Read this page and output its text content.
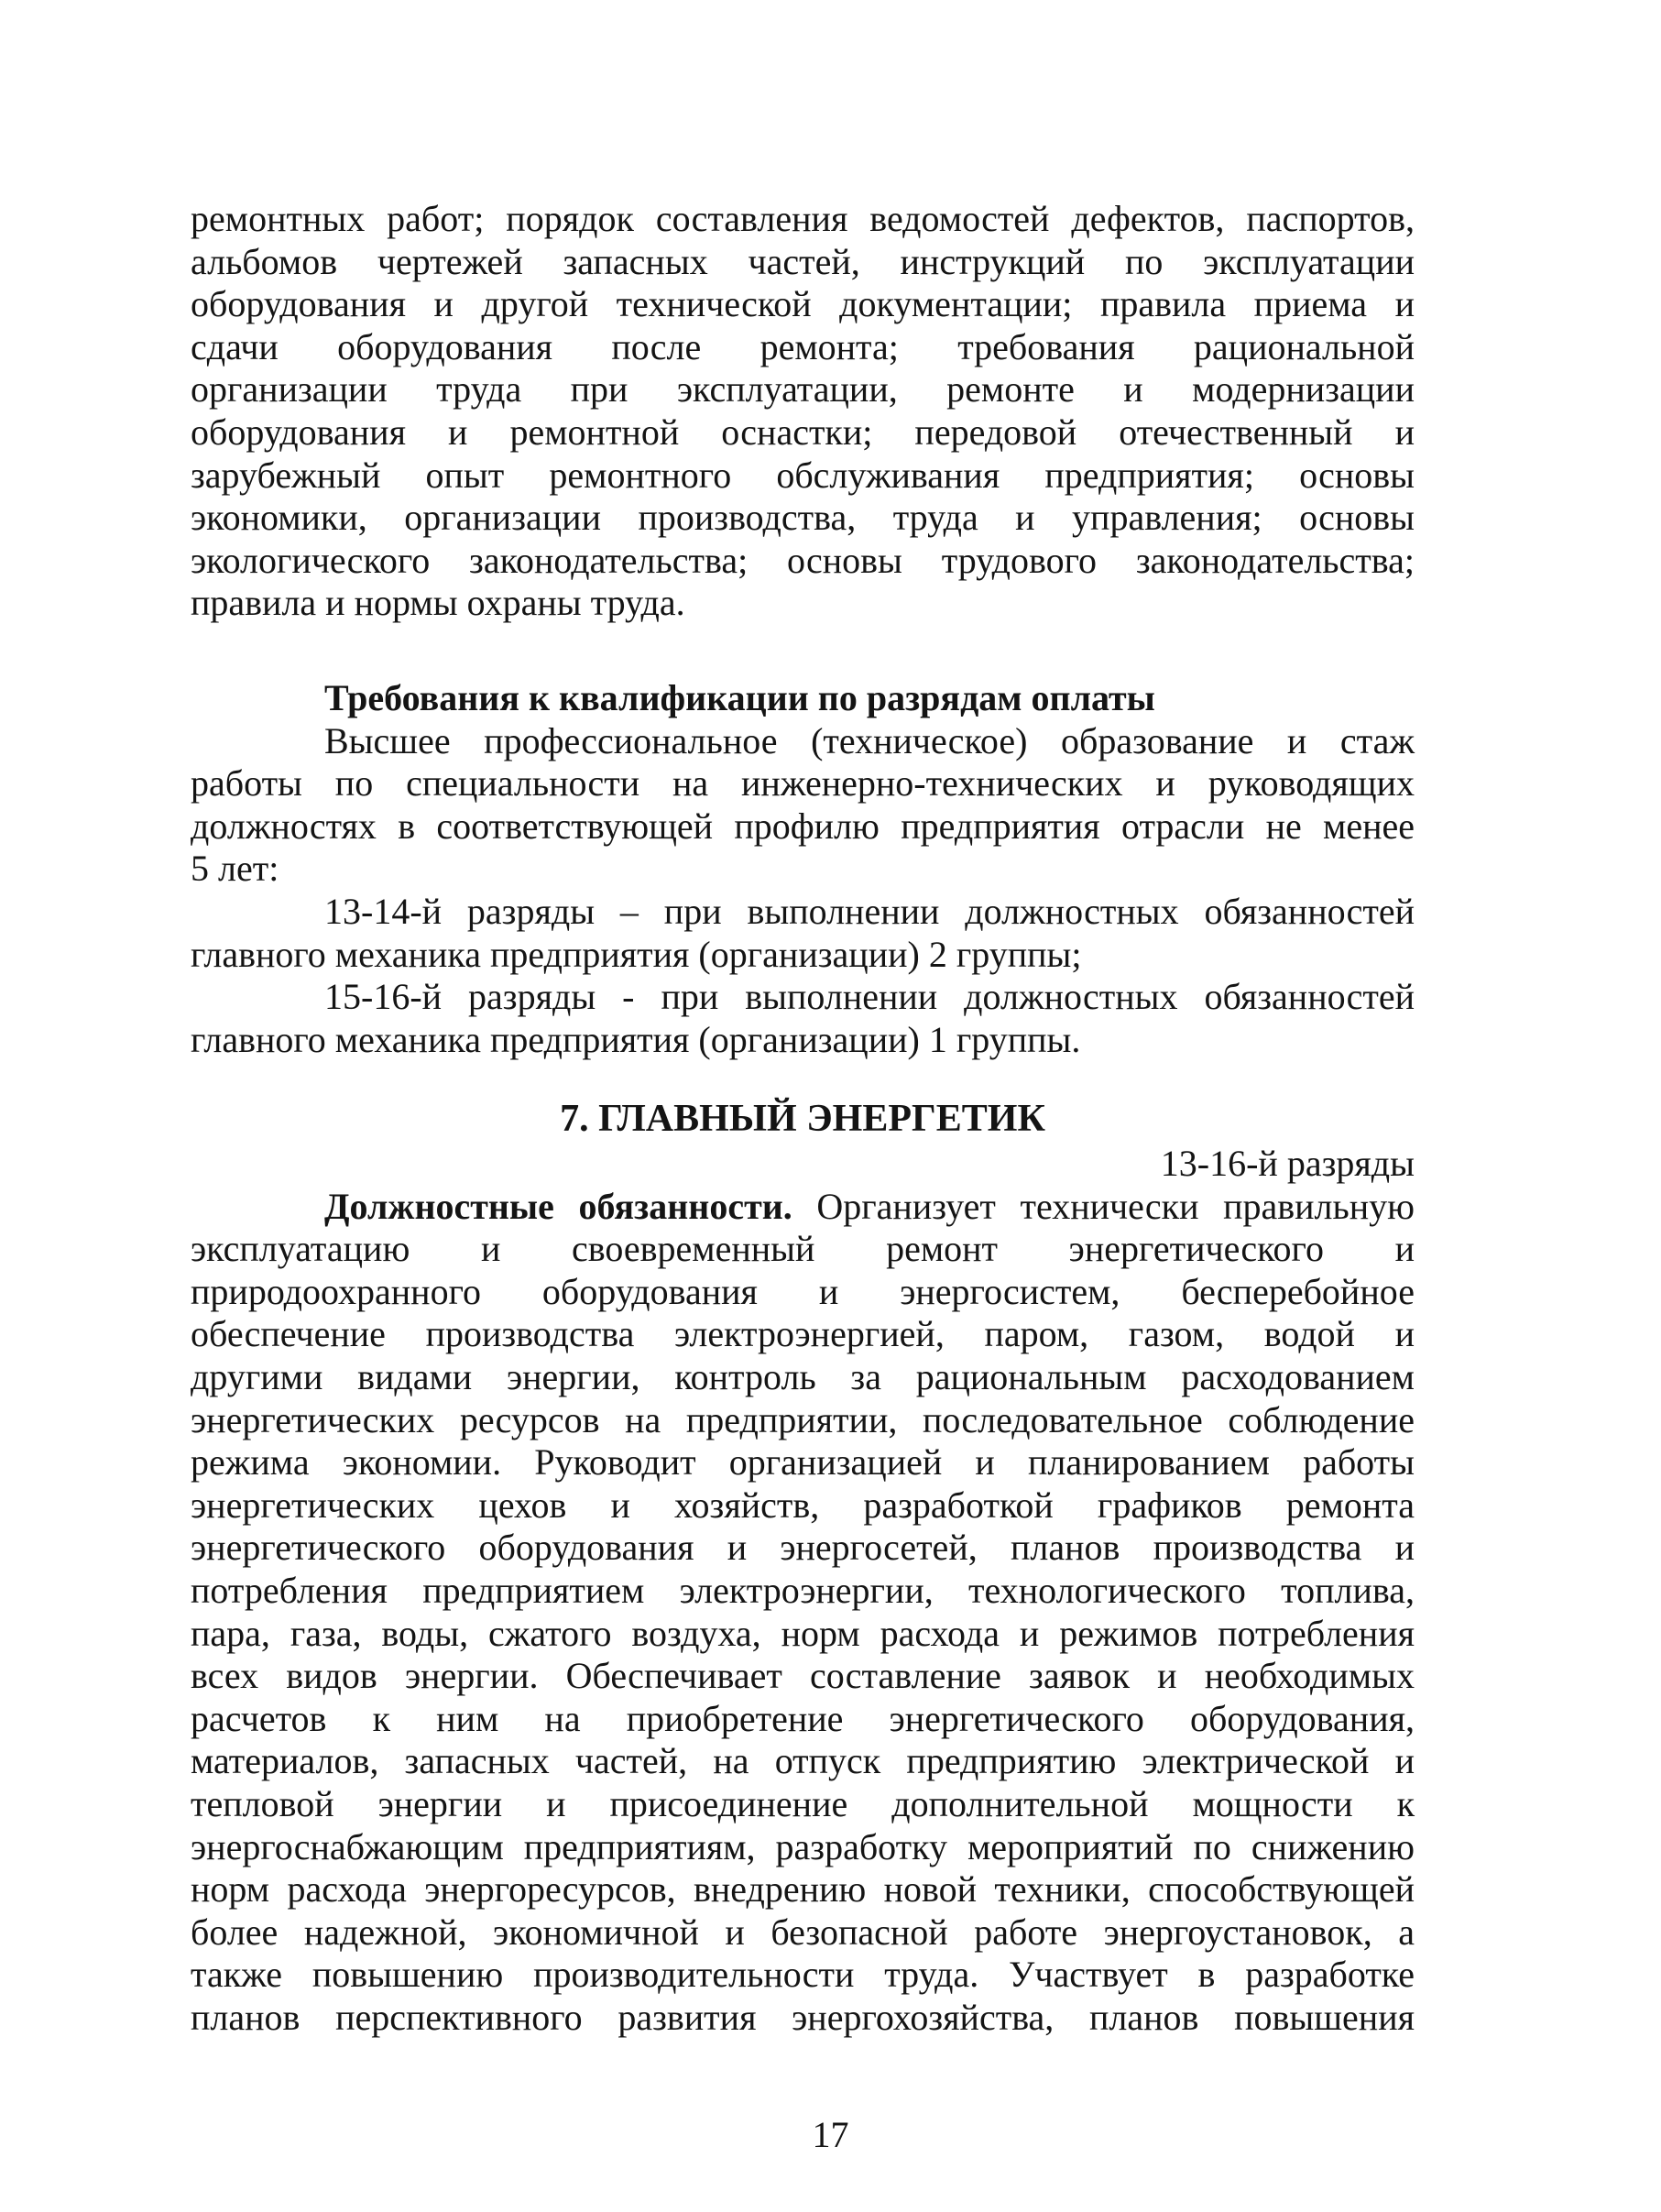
ремонтных работ; порядок составления ведомостей дефектов, паспортов,
альбомов чертежей запасных частей, инструкций по эксплуатации
оборудования и другой технической документации; правила приема и
сдачи оборудования после ремонта; требования рациональной
организации труда при эксплуатации, ремонте и модернизации
оборудования и ремонтной оснастки; передовой отечественный и
зарубежный опыт ремонтного обслуживания предприятия; основы
экономики, организации производства, труда и управления; основы
экологического законодательства; основы трудового законодательства;
правила и нормы охраны труда.
Требования к квалификации по разрядам оплаты
Высшее профессиональное (техническое) образование и стаж
работы по специальности на инженерно-технических и руководящих
должностях в соответствующей профилю предприятия отрасли не менее
5 лет:
13-14-й разряды – при выполнении должностных обязанностей
главного механика предприятия (организации) 2 группы;
15-16-й разряды - при выполнении должностных обязанностей
главного механика предприятия (организации) 1 группы.
7. ГЛАВНЫЙ ЭНЕРГЕТИК
13-16-й разряды
Должностные обязанности. Организует технически правильную
эксплуатацию и своевременный ремонт энергетического и
природоохранного оборудования и энергосистем, бесперебойное
обеспечение производства электроэнергией, паром, газом, водой и
другими видами энергии, контроль за рациональным расходованием
энергетических ресурсов на предприятии, последовательное соблюдение
режима экономии. Руководит организацией и планированием работы
энергетических цехов и хозяйств, разработкой графиков ремонта
энергетического оборудования и энергосетей, планов производства и
потребления предприятием электроэнергии, технологического топлива,
пара, газа, воды, сжатого воздуха, норм расхода и режимов потребления
всех видов энергии. Обеспечивает составление заявок и необходимых
расчетов к ним на приобретение энергетического оборудования,
материалов, запасных частей, на отпуск предприятию электрической и
тепловой энергии и присоединение дополнительной мощности к
энергоснабжающим предприятиям, разработку мероприятий по снижению
норм расхода энергоресурсов, внедрению новой техники, способствующей
более надежной, экономичной и безопасной работе энергоустановок, а
также повышению производительности труда. Участвует в разработке
планов перспективного развития энергохозяйства, планов повышения
17
